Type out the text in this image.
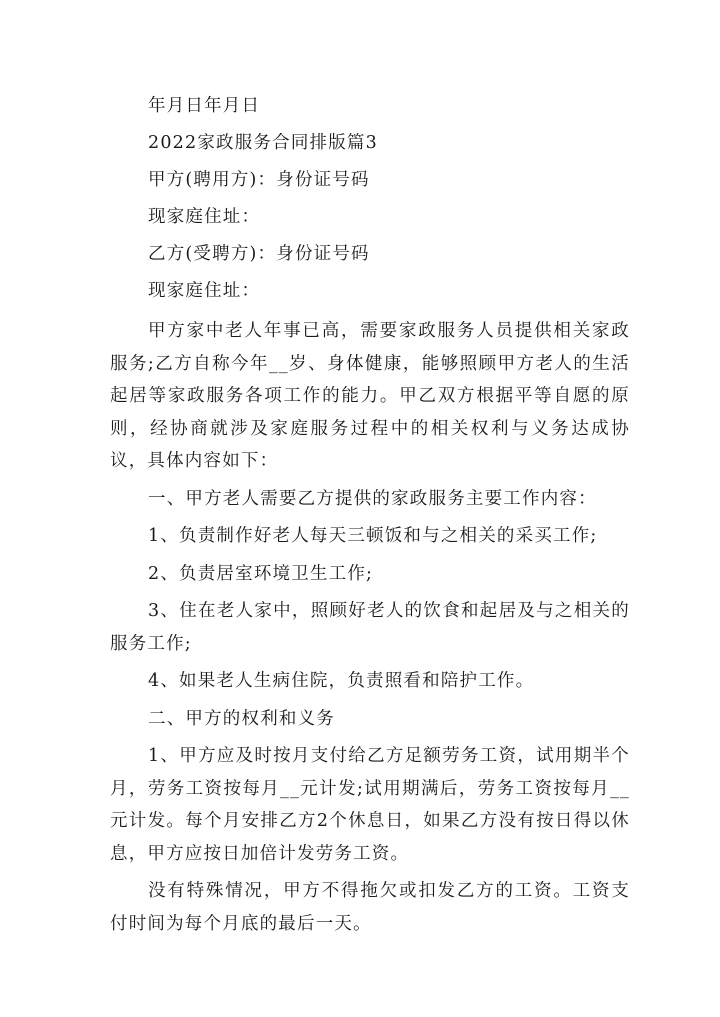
年月日年月日
2022家政服务合同排版篇3
甲方(聘用方)：身份证号码
现家庭住址：
乙方(受聘方)：身份证号码
现家庭住址：

甲方家中老人年事已高，需要家政服务人员提供相关家政服务;乙方自称今年__岁、身体健康，能够照顾甲方老人的生活起居等家政服务各项工作的能力。甲乙双方根据平等自愿的原则，经协商就涉及家庭服务过程中的相关权利与义务达成协议，具体内容如下：

一、甲方老人需要乙方提供的家政服务主要工作内容：

1、负责制作好老人每天三顿饭和与之相关的采买工作;

2、负责居室环境卫生工作;

3、住在老人家中，照顾好老人的饮食和起居及与之相关的服务工作;

4、如果老人生病住院，负责照看和陪护工作。

二、甲方的权利和义务

1、甲方应及时按月支付给乙方足额劳务工资，试用期半个月，劳务工资按每月__元计发;试用期满后，劳务工资按每月__元计发。每个月安排乙方2个休息日，如果乙方没有按日得以休息，甲方应按日加倍计发劳务工资。

没有特殊情况，甲方不得拖欠或扣发乙方的工资。工资支付时间为每个月底的最后一天。
